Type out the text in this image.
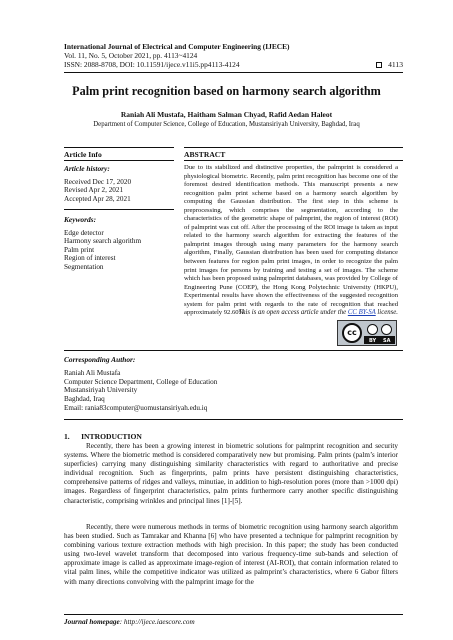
International Journal of Electrical and Computer Engineering (IJECE)
Vol. 11, No. 5, October 2021, pp. 4113~4124
ISSN: 2088-8708, DOI: 10.11591/ijece.v11i5.pp4113-4124	4113
Palm print recognition based on harmony search algorithm
Raniah Ali Mustafa, Haitham Salman Chyad, Rafid Aedan Haleot
Department of Computer Science, College of Education, Mustansiriyah University, Baghdad, Iraq
Article Info	ABSTRACT
Article history:
Received Dec 17, 2020
Revised Apr 2, 2021
Accepted Apr 28, 2021
Keywords:
Edge detector
Harmony search algorithm
Palm print
Region of interest
Segmentation
Due to its stabilized and distinctive properties, the palmprint is considered a physiological biometric. Recently, palm print recognition has become one of the foremost desired identification methods. This manuscript presents a new recognition palm print scheme based on a harmony search algorithm by computing the Gaussian distribution. The first step in this scheme is preprocessing, which comprises the segmentation, according to the characteristics of the geometric shape of palmprint, the region of interest (ROI) of palmprint was cut off. After the processing of the ROI image is taken as input related to the harmony search algorithm for extracting the features of the palmprint images through using many parameters for the harmony search algorithm, Finally, Gaussian distribution has been used for computing distance between features for region palm print images, in order to recognize the palm print images for persons by training and testing a set of images. The scheme which has been proposed using palmprint databases, was provided by College of Engineering Pune (COEP), the Hong Kong Polytechnic University (HKPU), Experimental results have shown the effectiveness of the suggested recognition system for palm print with regards to the rate of recognition that reached approximately 92.60%.
This is an open access article under the CC BY-SA license.
cc
BY SA
Corresponding Author:
Raniah Ali Mustafa
Computer Science Department, College of Education
Mustansiriyah University
Baghdad, Iraq
Email: rania83computer@uomustansiriyah.edu.iq
1.      INTRODUCTION
Recently, there has been a growing interest in biometric solutions for palmprint recognition and security systems. Where the biometric method is considered comparatively new but promising. Palm prints (palm’s interior superficies) carrying many distinguishing similarity characteristics with regard to authoritative and precise individual recognition. Such as fingerprints, palm prints have persistent distinguishing characteristics, comprehensive patterns of ridges and valleys, minutiae, in addition to high-resolution pores (more than >1000 dpi) images. Regardless of fingerprint characteristics, palm prints furthermore carry another specific distinguishing characteristic, comprising wrinkles and principal lines [1]-[5].
Recently, there were numerous methods in terms of biometric recognition using harmony search algorithm has been studied. Such as Tamrakar and Khanna [6] who have presented a technique for palmprint recognition by combining various texture extraction methods with high precision. In this paper; the study has been conducted using two-level wavelet transform that decomposed into various frequency-time sub-bands and selection of approximate image is called as approximate image-region of interest (AI-ROI), that contain information related to vital palm lines, while the competitive indicator was utilized as palmprint’s characteristics, where 6 Gabor filters with many directions convolving with the palmprint image for the
Journal homepage: http://ijece.iaescore.com
